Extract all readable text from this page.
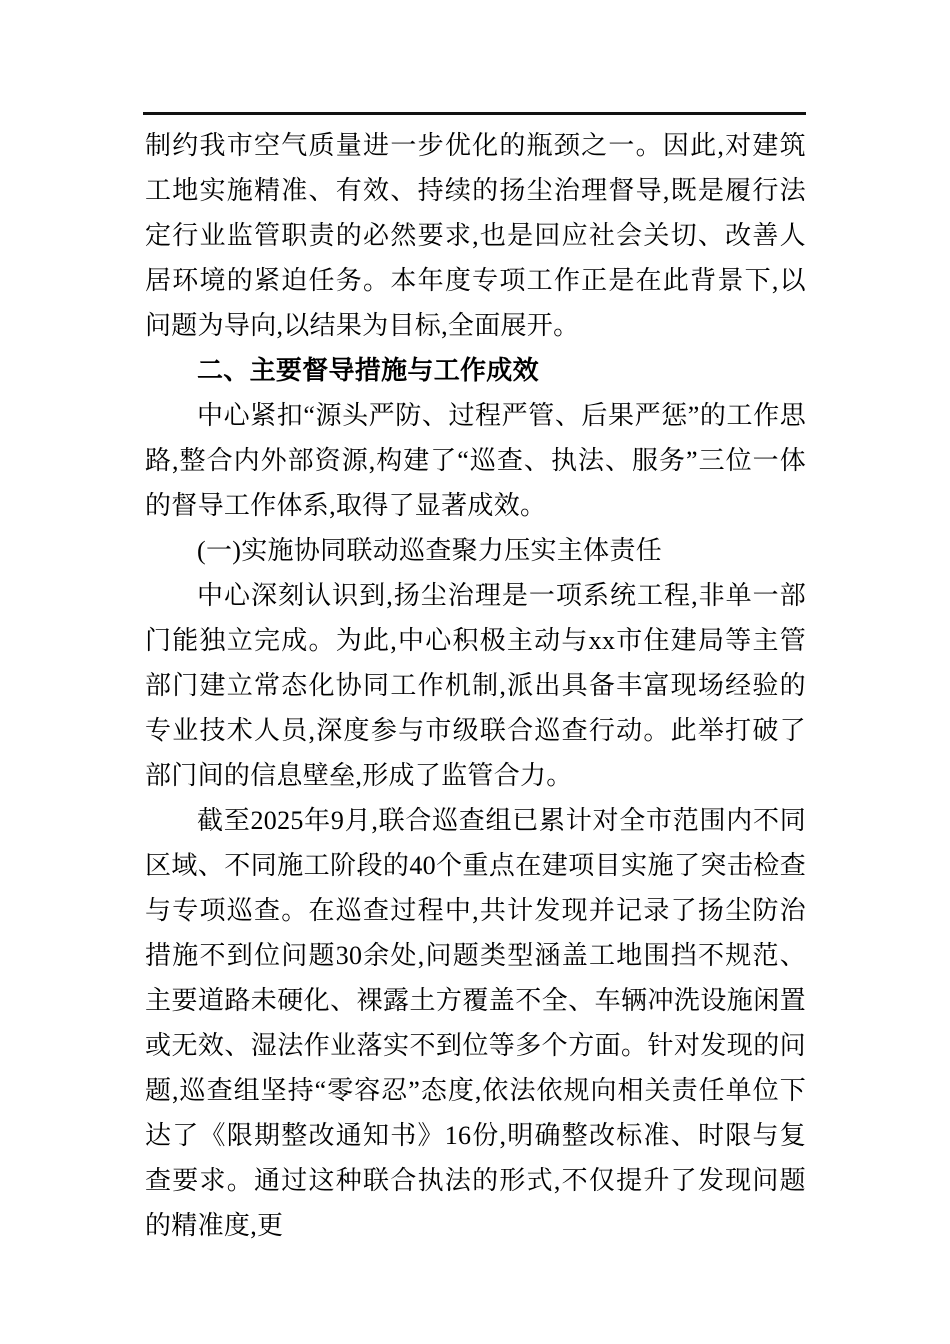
制约我市空气质量进一步优化的瓶颈之一。因此,对建筑工地实施精准、有效、持续的扬尘治理督导,既是履行法定行业监管职责的必然要求,也是回应社会关切、改善人居环境的紧迫任务。本年度专项工作正是在此背景下,以问题为导向,以结果为目标,全面展开。

二、主要督导措施与工作成效

中心紧扣“源头严防、过程严管、后果严惩”的工作思路,整合内外部资源,构建了“巡查、执法、服务”三位一体的督导工作体系,取得了显著成效。

(一)实施协同联动巡查聚力压实主体责任

中心深刻认识到,扬尘治理是一项系统工程,非单一部门能独立完成。为此,中心积极主动与xx市住建局等主管部门建立常态化协同工作机制,派出具备丰富现场经验的专业技术人员,深度参与市级联合巡查行动。此举打破了部门间的信息壁垒,形成了监管合力。

截至2025年9月,联合巡查组已累计对全市范围内不同区域、不同施工阶段的40个重点在建项目实施了突击检查与专项巡查。在巡查过程中,共计发现并记录了扬尘防治措施不到位问题30余处,问题类型涵盖工地围挡不规范、主要道路未硬化、裸露土方覆盖不全、车辆冲洗设施闲置或无效、湿法作业落实不到位等多个方面。针对发现的问题,巡查组坚持“零容忍”态度,依法依规向相关责任单位下达了《限期整改通知书》16份,明确整改标准、时限与复查要求。通过这种联合执法的形式,不仅提升了发现问题的精准度,更
